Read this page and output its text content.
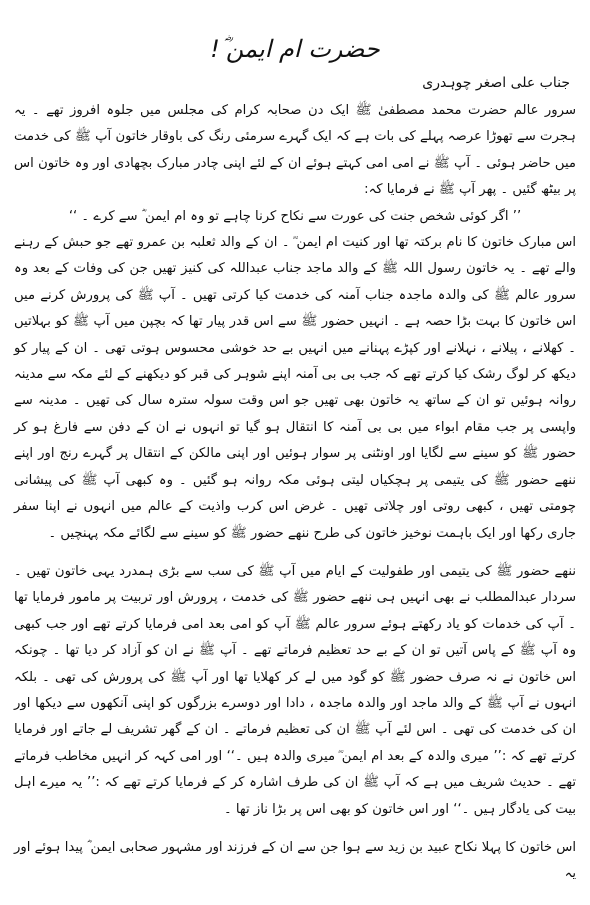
حضرت ام ایمن ؓ!
جناب علی اصغر چوہدری

سرور عالم حضرت محمد مصطفیٰ ﷺ ایک دن صحابہ کرام کی مجلس میں جلوہ افروز تھے ۔ یہ ہجرت سے تھوڑا عرصہ پہلے کی بات ہے کہ ایک گہرے سرمئی رنگ کی باوقار خاتون آپ ﷺ کی خدمت میں حاضر ہوئی ۔ آپ ﷺ نے امی امی کہتے ہوئے ان کے لئے اپنی چادر مبارک بچھادی اور وہ خاتون اس پر بیٹھ گئیں ۔ پھر آپ ﷺ نے فرمایا کہ:

’’ اگر کوئی شخص جنت کی عورت سے نکاح کرنا چاہے تو وہ ام ایمن ؓ سے کرے ۔ ‘‘

اس مبارک خاتون کا نام برکتہ تھا اور کنیت ام ایمن ؓ ۔ ان کے والد ثعلبہ بن عمرو تھے جو حبش کے رہنے والے تھے ۔ یہ خاتون رسول اللہ ﷺ کے والد ماجد جناب عبداللہ کی کنیز تھیں جن کی وفات کے بعد وہ سرور عالم ﷺ کی والدہ ماجدہ جناب آمنہ کی خدمت کیا کرتی تھیں ۔ آپ ﷺ کی پرورش کرنے میں اس خاتون کا بہت بڑا حصہ ہے ۔ انہیں حضور ﷺ سے اس قدر پیار تھا کہ بچپن میں آپ ﷺ کو بہلاتیں ۔ کھلانے ، پیلانے ، نہلانے اور کپڑے پہنانے میں انہیں بے حد خوشی محسوس ہوتی تھی ۔ ان کے پیار کو دیکھ کر لوگ رشک کیا کرتے تھے کہ جب بی بی آمنہ اپنے شوہر کی قبر کو دیکھنے کے لئے مکہ سے مدینہ روانہ ہوئیں تو ان کے ساتھ یہ خاتون بھی تھیں جو اس وقت سولہ سترہ سال کی تھیں ۔ مدینہ سے واپسی پر جب مقام ابواء میں بی بی آمنہ کا انتقال ہو گیا تو انہوں نے ان کے دفن سے فارغ ہو کر حضور ﷺ کو سینے سے لگایا اور اونٹنی پر سوار ہوئیں اور اپنی مالکن کے انتقال پر گہرے رنج اور اپنے ننھے حضور ﷺ کی یتیمی پر ہچکیاں لیتی ہوئی مکہ روانہ ہو گئیں ۔ وہ کبھی آپ ﷺ کی پیشانی چومتی تھیں ، کبھی روتی اور چلاتی تھیں ۔ غرض اس کرب واذیت کے عالم میں انہوں نے اپنا سفر جاری رکھا اور ایک باہمت نوخیز خاتون کی طرح ننھے حضور ﷺ کو سینے سے لگائے مکہ پہنچیں ۔

ننھے حضور ﷺ کی یتیمی اور طفولیت کے ایام میں آپ ﷺ کی سب سے بڑی ہمدرد یہی خاتون تھیں ۔ سردار عبدالمطلب نے بھی انہیں ہی ننھے حضور ﷺ کی خدمت ، پرورش اور تربیت پر مامور فرمایا تھا ۔ آپ کی خدمات کو یاد رکھتے ہوئے سرور عالم ﷺ آپ کو امی بعد امی فرمایا کرتے تھے اور جب کبھی وہ آپ ﷺ کے پاس آتیں تو ان کے بے حد تعظیم فرماتے تھے ۔ آپ ﷺ نے ان کو آزاد کر دیا تھا ۔ چونکہ اس خاتون نے نہ صرف حضور ﷺ کو گود میں لے کر کھلایا تھا اور آپ ﷺ کی پرورش کی تھی ۔ بلکہ انہوں نے آپ ﷺ کے والد ماجد اور والدہ ماجدہ ، دادا اور دوسرے بزرگوں کو اپنی آنکھوں سے دیکھا اور ان کی خدمت کی تھی ۔ اس لئے آپ ﷺ ان کی تعظیم فرماتے ۔ ان کے گھر تشریف لے جاتے اور فرمایا کرتے تھے کہ :’’ میری والدہ کے بعد ام ایمن ؓ میری والدہ ہیں ۔‘‘ اور امی کہہ کر انہیں مخاطب فرماتے تھے ۔ حدیث شریف میں ہے کہ آپ ﷺ ان کی طرف اشارہ کر کے فرمایا کرتے تھے کہ :’’ یہ میرے اہل بیت کی یادگار ہیں ۔‘‘ اور اس خاتون کو بھی اس پر بڑا ناز تھا ۔

اس خاتون کا پہلا نکاح عبید بن زید سے ہوا جن سے ان کے فرزند اور مشہور صحابی ایمن ؓ پیدا ہوئے اور یہ
